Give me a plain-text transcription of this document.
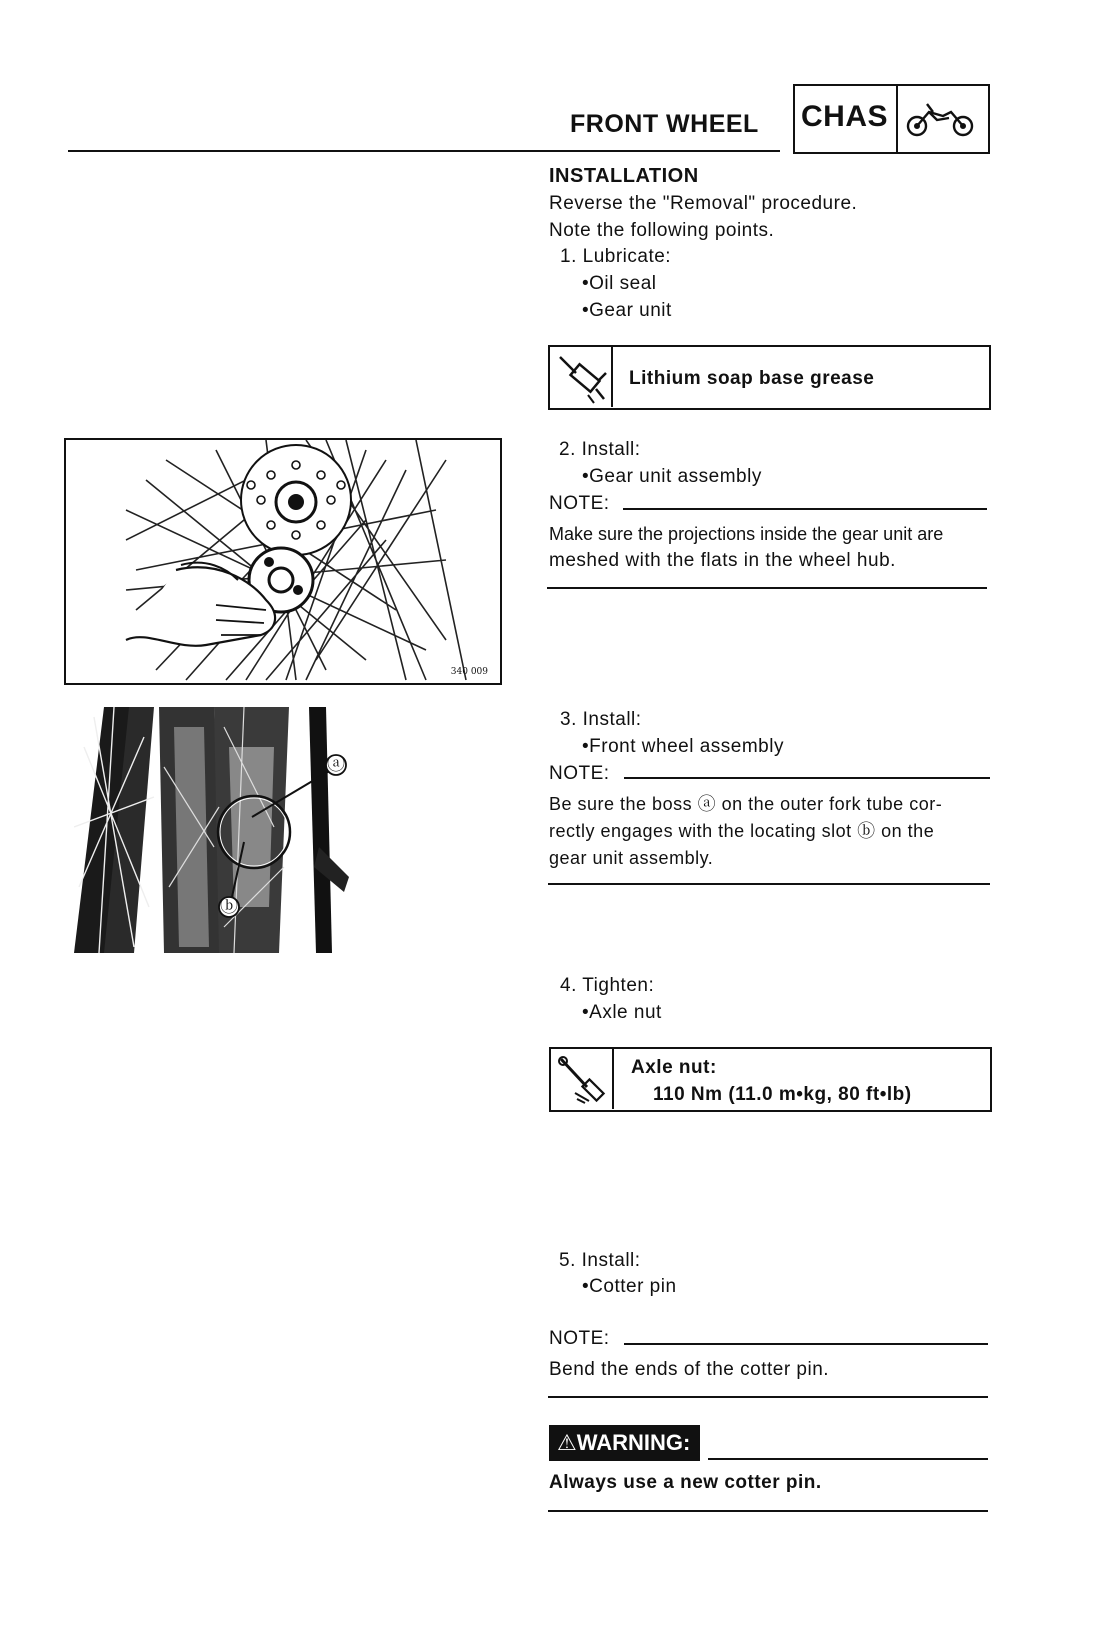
FRONT WHEEL CHAS
INSTALLATION
Reverse the "Removal" procedure.
Note the following points.
1. Lubricate:
•Oil seal
•Gear unit
Lithium soap base grease
340 009
2. Install:
•Gear unit assembly
NOTE:
Make sure the projections inside the gear unit are
meshed with the flats in the wheel hub.
ⓐ
ⓑ
3. Install:
•Front wheel assembly
NOTE:
Be sure the boss ⓐ on the outer fork tube cor-
rectly engages with the locating slot ⓑ on the
gear unit assembly.
4. Tighten:
•Axle nut
Axle nut:
110 Nm (11.0 m•kg, 80 ft•lb)
5. Install:
•Cotter pin
NOTE:
Bend the ends of the cotter pin.
⚠WARNING:
Always use a new cotter pin.
